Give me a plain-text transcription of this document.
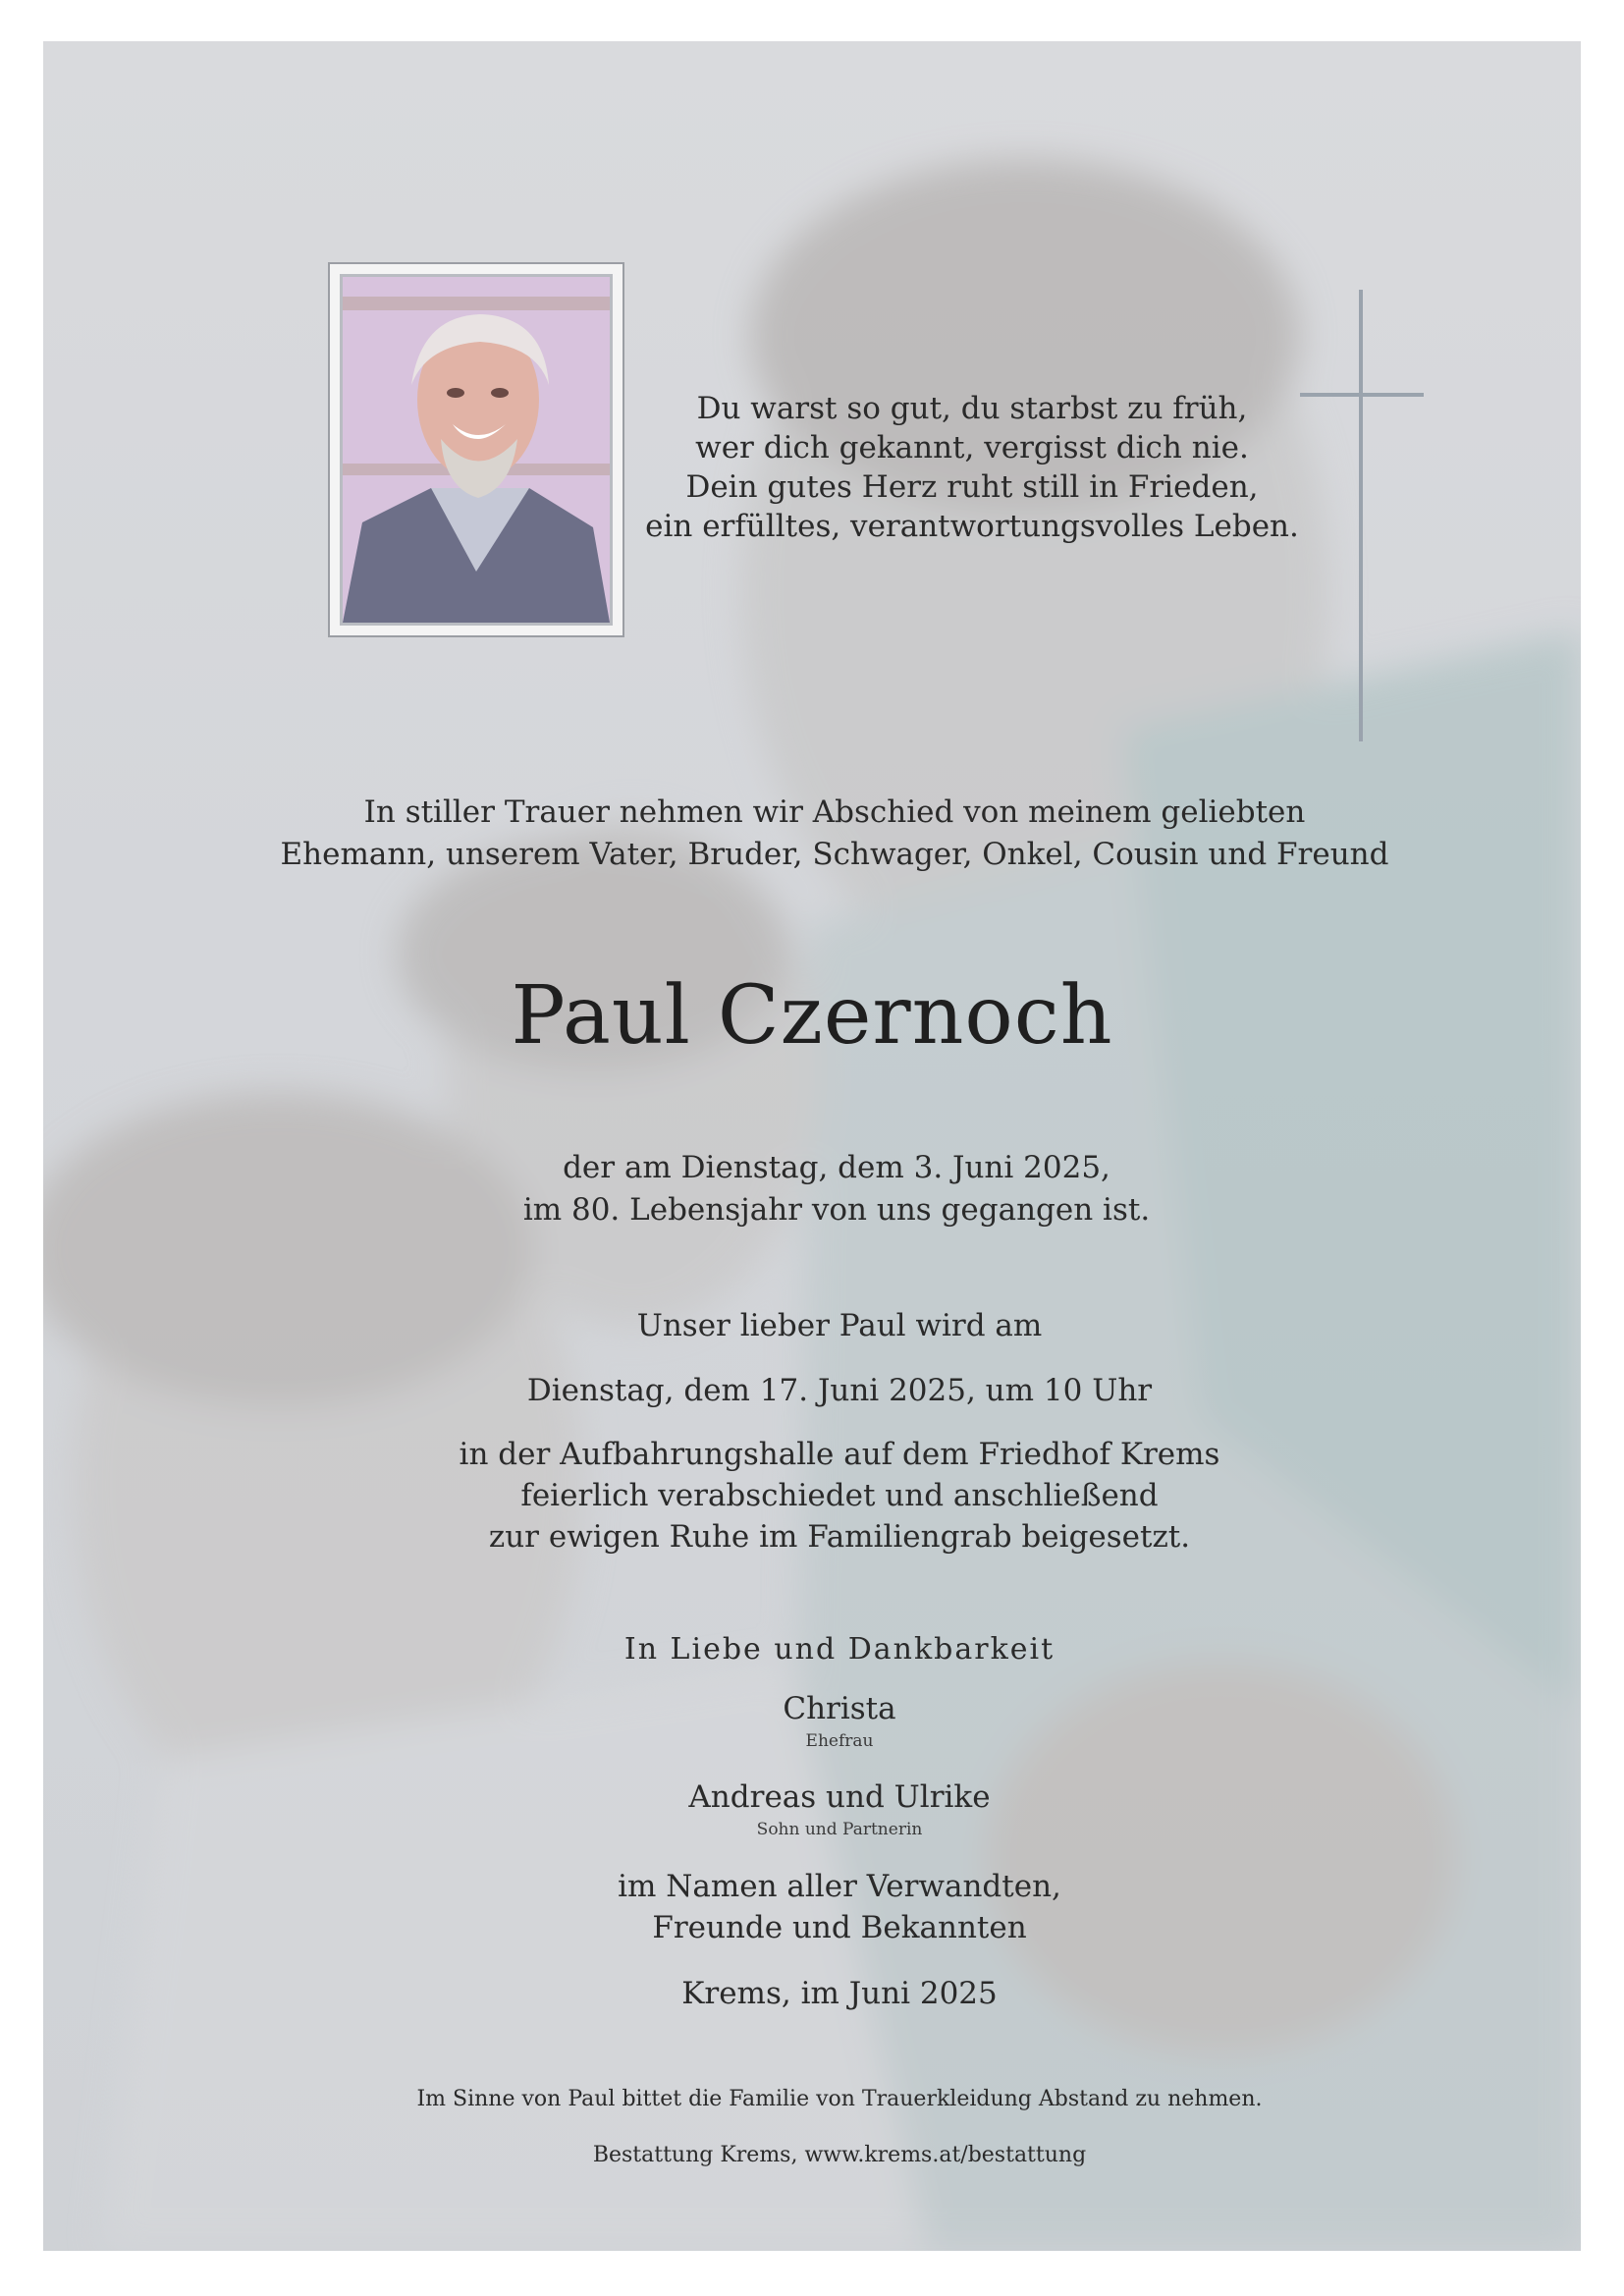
Du warst so gut, du starbst zu früh,
wer dich gekannt, vergisst dich nie.
Dein gutes Herz ruht still in Frieden,
ein erfülltes, verantwortungsvolles Leben.
In stiller Trauer nehmen wir Abschied von meinem geliebten
Ehemann, unserem Vater, Bruder, Schwager, Onkel, Cousin und Freund
Paul Czernoch
der am Dienstag, dem 3. Juni 2025,
im 80. Lebensjahr von uns gegangen ist.
Unser lieber Paul wird am
Dienstag, dem 17. Juni 2025, um 10 Uhr
in der Aufbahrungshalle auf dem Friedhof Krems
feierlich verabschiedet und anschließend
zur ewigen Ruhe im Familiengrab beigesetzt.
In Liebe und Dankbarkeit
Christa
Ehefrau
Andreas und Ulrike
Sohn und Partnerin
im Namen aller Verwandten,
Freunde und Bekannten
Krems, im Juni 2025
Im Sinne von Paul bittet die Familie von Trauerkleidung Abstand zu nehmen.
Bestattung Krems, www.krems.at/bestattung
